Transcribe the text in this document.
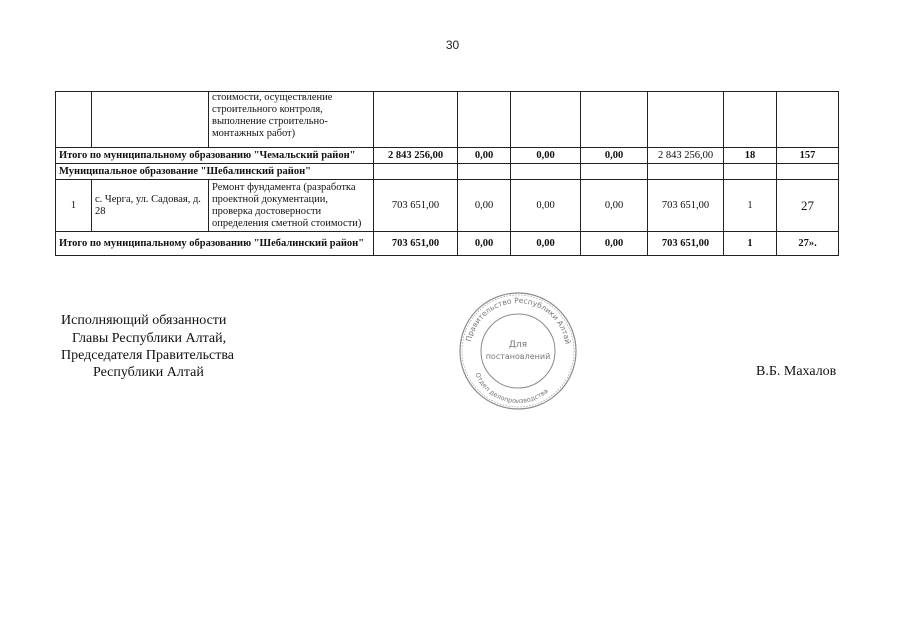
30
		стоимости, осуществление строительного контроля, выполнение строительно-монтажных работ)							
Итого по муниципальному образованию "Чемальский район"			2 843 256,00	0,00	0,00	0,00	2 843 256,00	18	157
Муниципальное образование "Шебалинский район"									
1	с. Черга, ул. Садовая, д. 28	Ремонт фундамента (разработка проектной документации, проверка достоверности определения сметной стоимости)	703 651,00	0,00	0,00	0,00	703 651,00	1	27
Итого по муниципальному образованию "Шебалинский район"			703 651,00	0,00	0,00	0,00	703 651,00	1	27».
Исполняющий обязанности
Главы Республики Алтай,
Председателя Правительства
Республики Алтай
Правительство Республики Алтай
Отдел делопроизводства
Для
постановлений
В.Б. Махалов
